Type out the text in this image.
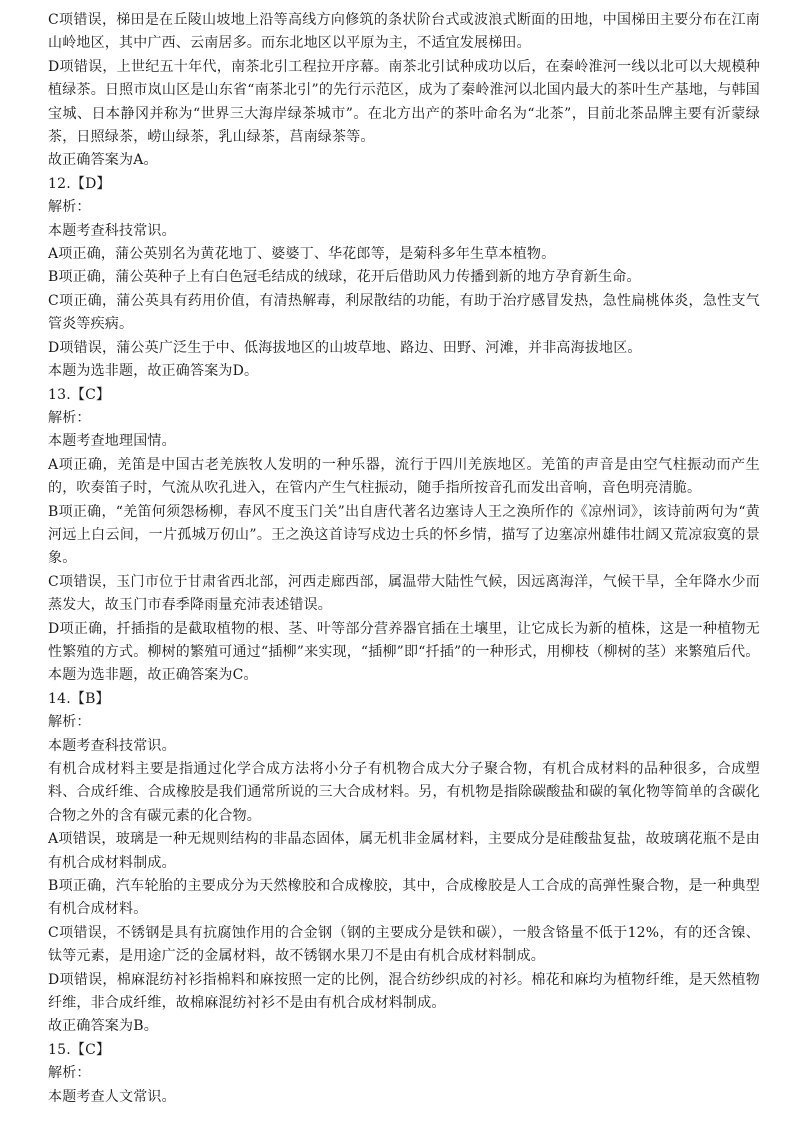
C项错误，梯田是在丘陵山坡地上沿等高线方向修筑的条状阶台式或波浪式断面的田地，中国梯田主要分布在江南山岭地区，其中广西、云南居多。而东北地区以平原为主，不适宜发展梯田。

D项错误，上世纪五十年代，南茶北引工程拉开序幕。南茶北引试种成功以后，在秦岭淮河一线以北可以大规模种植绿茶。日照市岚山区是山东省“南茶北引”的先行示范区，成为了秦岭淮河以北国内最大的茶叶生产基地，与韩国宝城、日本静冈并称为“世界三大海岸绿茶城市”。在北方出产的茶叶命名为“北茶”，目前北茶品牌主要有沂蒙绿茶，日照绿茶，崂山绿茶，乳山绿茶，莒南绿茶等。

故正确答案为A。

12.【D】

解析：

本题考查科技常识。

A项正确，蒲公英别名为黄花地丁、婆婆丁、华花郎等，是菊科多年生草本植物。

B项正确，蒲公英种子上有白色冠毛结成的绒球，花开后借助风力传播到新的地方孕育新生命。

C项正确，蒲公英具有药用价值，有清热解毒，利尿散结的功能，有助于治疗感冒发热，急性扁桃体炎，急性支气管炎等疾病。

D项错误，蒲公英广泛生于中、低海拔地区的山坡草地、路边、田野、河滩，并非高海拔地区。

本题为选非题，故正确答案为D。

13.【C】

解析：

本题考查地理国情。

A项正确，羌笛是中国古老羌族牧人发明的一种乐器，流行于四川羌族地区。羌笛的声音是由空气柱振动而产生的，吹奏笛子时，气流从吹孔进入，在管内产生气柱振动，随手指所按音孔而发出音响，音色明亮清脆。

B项正确，“羌笛何须怨杨柳，春风不度玉门关”出自唐代著名边塞诗人王之涣所作的《凉州词》，该诗前两句为“黄河远上白云间，一片孤城万仞山”。王之涣这首诗写戍边士兵的怀乡情，描写了边塞凉州雄伟壮阔又荒凉寂寞的景象。

C项错误，玉门市位于甘肃省西北部，河西走廊西部，属温带大陆性气候，因远离海洋，气候干旱，全年降水少而蒸发大，故玉门市春季降雨量充沛表述错误。

D项正确，扦插指的是截取植物的根、茎、叶等部分营养器官插在土壤里，让它成长为新的植株，这是一种植物无性繁殖的方式。柳树的繁殖可通过“插柳”来实现，“插柳”即“扦插”的一种形式，用柳枝（柳树的茎）来繁殖后代。

本题为选非题，故正确答案为C。

14.【B】

解析：

本题考查科技常识。

有机合成材料主要是指通过化学合成方法将小分子有机物合成大分子聚合物，有机合成材料的品种很多，合成塑料、合成纤维、合成橡胶是我们通常所说的三大合成材料。另，有机物是指除碳酸盐和碳的氧化物等简单的含碳化合物之外的含有碳元素的化合物。

A项错误，玻璃是一种无规则结构的非晶态固体，属无机非金属材料，主要成分是硅酸盐复盐，故玻璃花瓶不是由有机合成材料制成。

B项正确，汽车轮胎的主要成分为天然橡胶和合成橡胶，其中，合成橡胶是人工合成的高弹性聚合物，是一种典型有机合成材料。

C项错误，不锈钢是具有抗腐蚀作用的合金钢（钢的主要成分是铁和碳），一般含铬量不低于12%，有的还含镍、钛等元素，是用途广泛的金属材料，故不锈钢水果刀不是由有机合成材料制成。

D项错误，棉麻混纺衬衫指棉料和麻按照一定的比例，混合纺纱织成的衬衫。棉花和麻均为植物纤维，是天然植物纤维，非合成纤维，故棉麻混纺衬衫不是由有机合成材料制成。

故正确答案为B。

15.【C】

解析：

本题考查人文常识。
